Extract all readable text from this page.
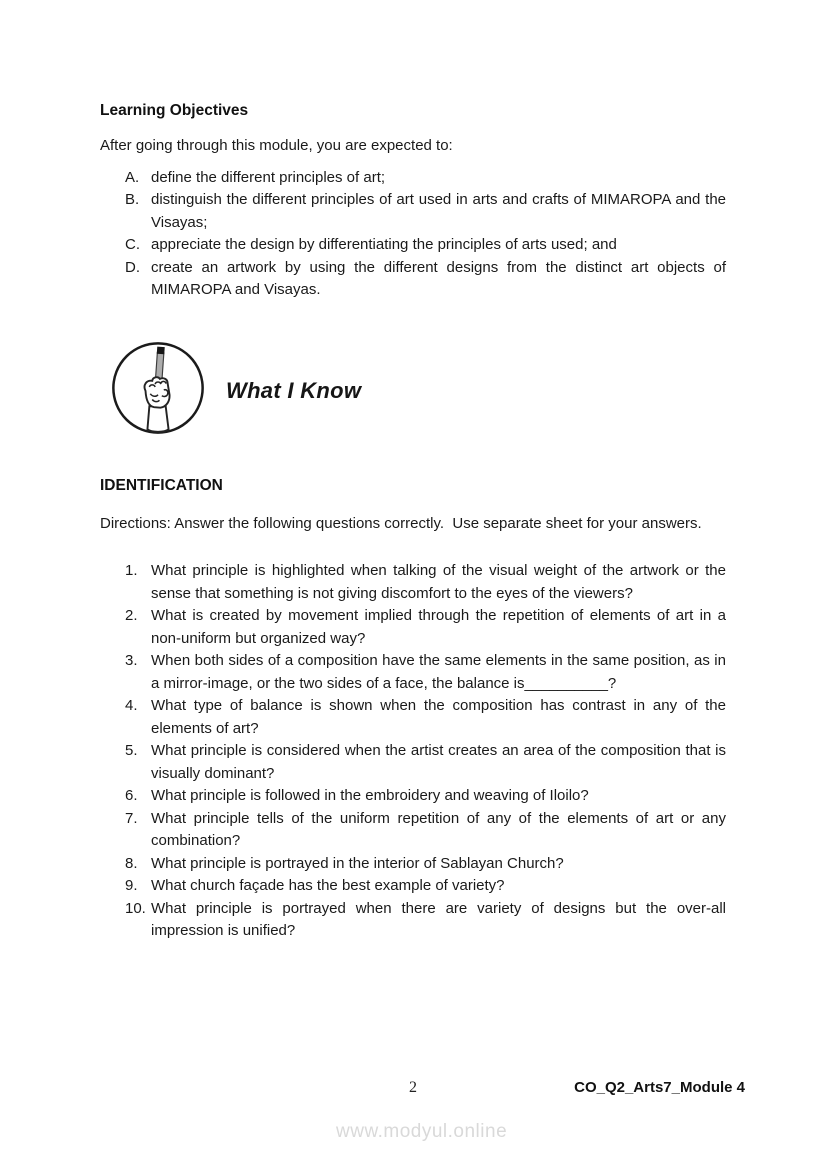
Learning Objectives

After going through this module, you are expected to:

A. define the different principles of art;
B. distinguish the different principles of art used in arts and crafts of MIMAROPA and the Visayas;
C. appreciate the design by differentiating the principles of arts used; and
D. create an artwork by using the different designs from the distinct art objects of MIMAROPA and Visayas.
What I Know
IDENTIFICATION

Directions: Answer the following questions correctly.  Use separate sheet for your answers.

1. What principle is highlighted when talking of the visual weight of the artwork or the sense that something is not giving discomfort to the eyes of the viewers?
2. What is created by movement implied through the repetition of elements of art in a non-uniform but organized way?
3. When both sides of a composition have the same elements in the same position, as in a mirror-image, or the two sides of a face, the balance is__________?
4. What type of balance is shown when the composition has contrast in any of the elements of art?
5. What principle is considered when the artist creates an area of the composition that is visually dominant?
6. What principle is followed in the embroidery and weaving of Iloilo?
7. What principle tells of the uniform repetition of any of the elements of art or any combination?
8. What principle is portrayed in the interior of Sablayan Church?
9. What church façade has the best example of variety?
10. What principle is portrayed when there are variety of designs but the over-all impression is unified?
2	CO_Q2_Arts7_Module 4
www.modyul.online
